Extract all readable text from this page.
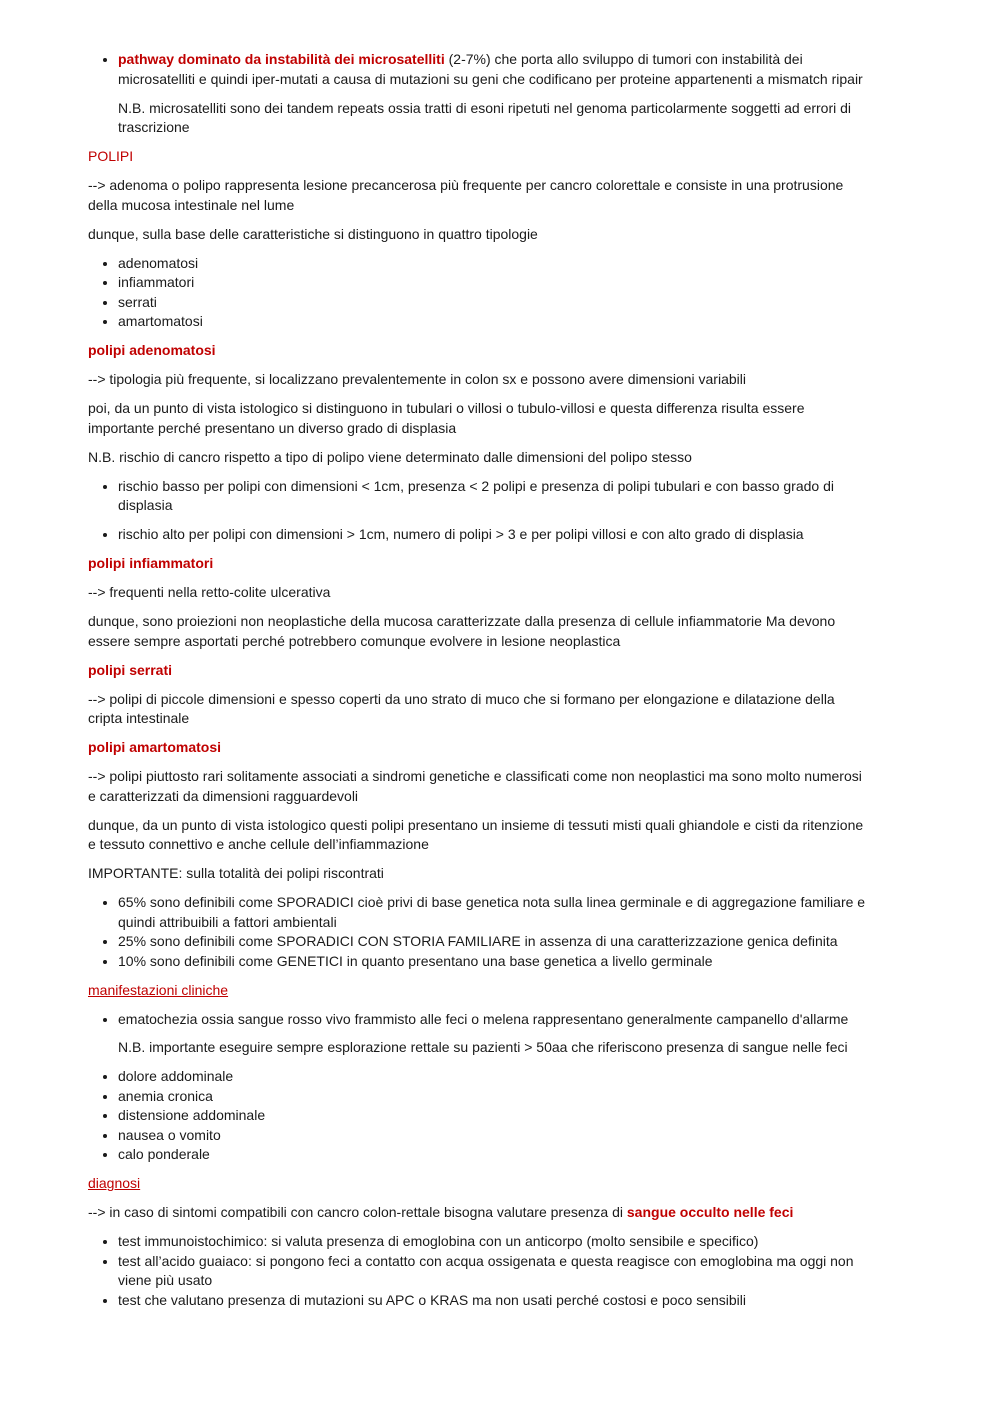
• pathway dominato da instabilità dei microsatelliti (2-7%) che porta allo sviluppo di tumori con instabilità dei microsatelliti e quindi iper-mutati a causa di mutazioni su geni che codificano per proteine appartenenti a mismatch ripair

N.B. microsatelliti sono dei tandem repeats ossia tratti di esoni ripetuti nel genoma particolarmente soggetti ad errori di trascrizione

POLIPI

--> adenoma o polipo rappresenta lesione precancerosa più frequente per cancro colorettale e consiste in una protrusione della mucosa intestinale nel lume

dunque, sulla base delle caratteristiche si distinguono in quattro tipologie

• adenomatosi
• infiammatori
• serrati
• amartomatosi

polipi adenomatosi

--> tipologia più frequente, si localizzano prevalentemente in colon sx e possono avere dimensioni variabili

poi, da un punto di vista istologico si distinguono in tubulari o villosi o tubulo-villosi e questa differenza risulta essere importante perché presentano un diverso grado di displasia

N.B. rischio di cancro rispetto a tipo di polipo viene determinato dalle dimensioni del polipo stesso

• rischio basso per polipi con dimensioni < 1cm, presenza < 2 polipi e presenza di polipi tubulari e con basso grado di displasia
• rischio alto per polipi con dimensioni > 1cm, numero di polipi > 3 e per polipi villosi e con alto grado di displasia

polipi infiammatori

--> frequenti nella retto-colite ulcerativa

dunque, sono proiezioni non neoplastiche della mucosa caratterizzate dalla presenza di cellule infiammatorie Ma devono essere sempre asportati perché potrebbero comunque evolvere in lesione neoplastica

polipi serrati

--> polipi di piccole dimensioni e spesso coperti da uno strato di muco che si formano per elongazione e dilatazione della cripta intestinale

polipi amartomatosi

--> polipi piuttosto rari solitamente associati a sindromi genetiche e classificati come non neoplastici ma sono molto numerosi e caratterizzati da dimensioni ragguardevoli

dunque, da un punto di vista istologico questi polipi presentano un insieme di tessuti misti quali ghiandole e cisti da ritenzione e tessuto connettivo e anche cellule dell’infiammazione

IMPORTANTE: sulla totalità dei polipi riscontrati

• 65% sono definibili come SPORADICI cioè privi di base genetica nota sulla linea germinale e di aggregazione familiare e quindi attribuibili a fattori ambientali
• 25% sono definibili come SPORADICI CON STORIA FAMILIARE in assenza di una caratterizzazione genica definita
• 10% sono definibili come GENETICI in quanto presentano una base genetica a livello germinale

manifestazioni cliniche

• ematochezia ossia sangue rosso vivo frammisto alle feci o melena rappresentano generalmente campanello d'allarme

N.B. importante eseguire sempre esplorazione rettale su pazienti > 50aa che riferiscono presenza di sangue nelle feci

• dolore addominale
• anemia cronica
• distensione addominale
• nausea o vomito
• calo ponderale

diagnosi

--> in caso di sintomi compatibili con cancro colon-rettale bisogna valutare presenza di sangue occulto nelle feci

• test immunoistochimico: si valuta presenza di emoglobina con un anticorpo (molto sensibile e specifico)
• test all’acido guaiaco: si pongono feci a contatto con acqua ossigenata e questa reagisce con emoglobina ma oggi non viene più usato
• test che valutano presenza di mutazioni su APC o KRAS ma non usati perché costosi e poco sensibili
